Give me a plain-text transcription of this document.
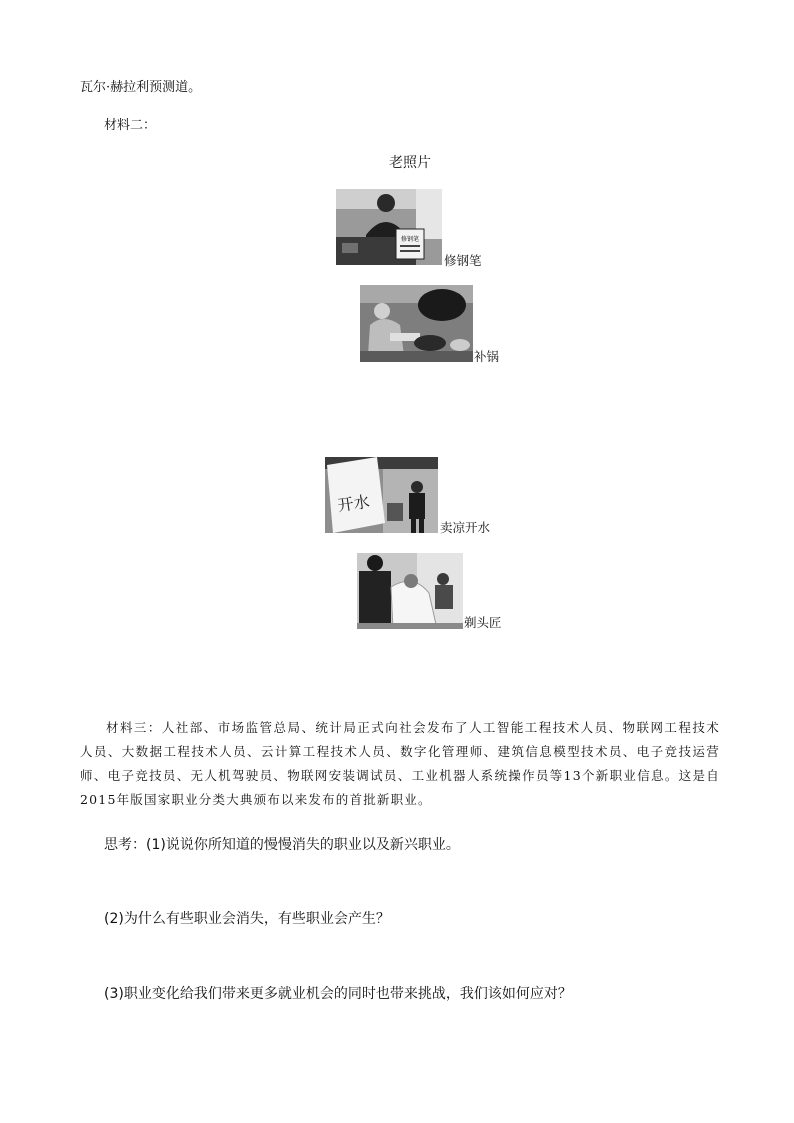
瓦尔·赫拉利预测道。
材料二：
老照片
修钢笔
修钢笔
补锅
开水
卖凉开水
剃头匠
材料三：人社部、市场监管总局、统计局正式向社会发布了人工智能工程技术人员、物联网工程技术人员、大数据工程技术人员、云计算工程技术人员、数字化管理师、建筑信息模型技术员、电子竞技运营师、电子竞技员、无人机驾驶员、物联网安装调试员、工业机器人系统操作员等13个新职业信息。这是自2015年版国家职业分类大典颁布以来发布的首批新职业。
思考：(1)说说你所知道的慢慢消失的职业以及新兴职业。
(2)为什么有些职业会消失，有些职业会产生？
(3)职业变化给我们带来更多就业机会的同时也带来挑战，我们该如何应对？
